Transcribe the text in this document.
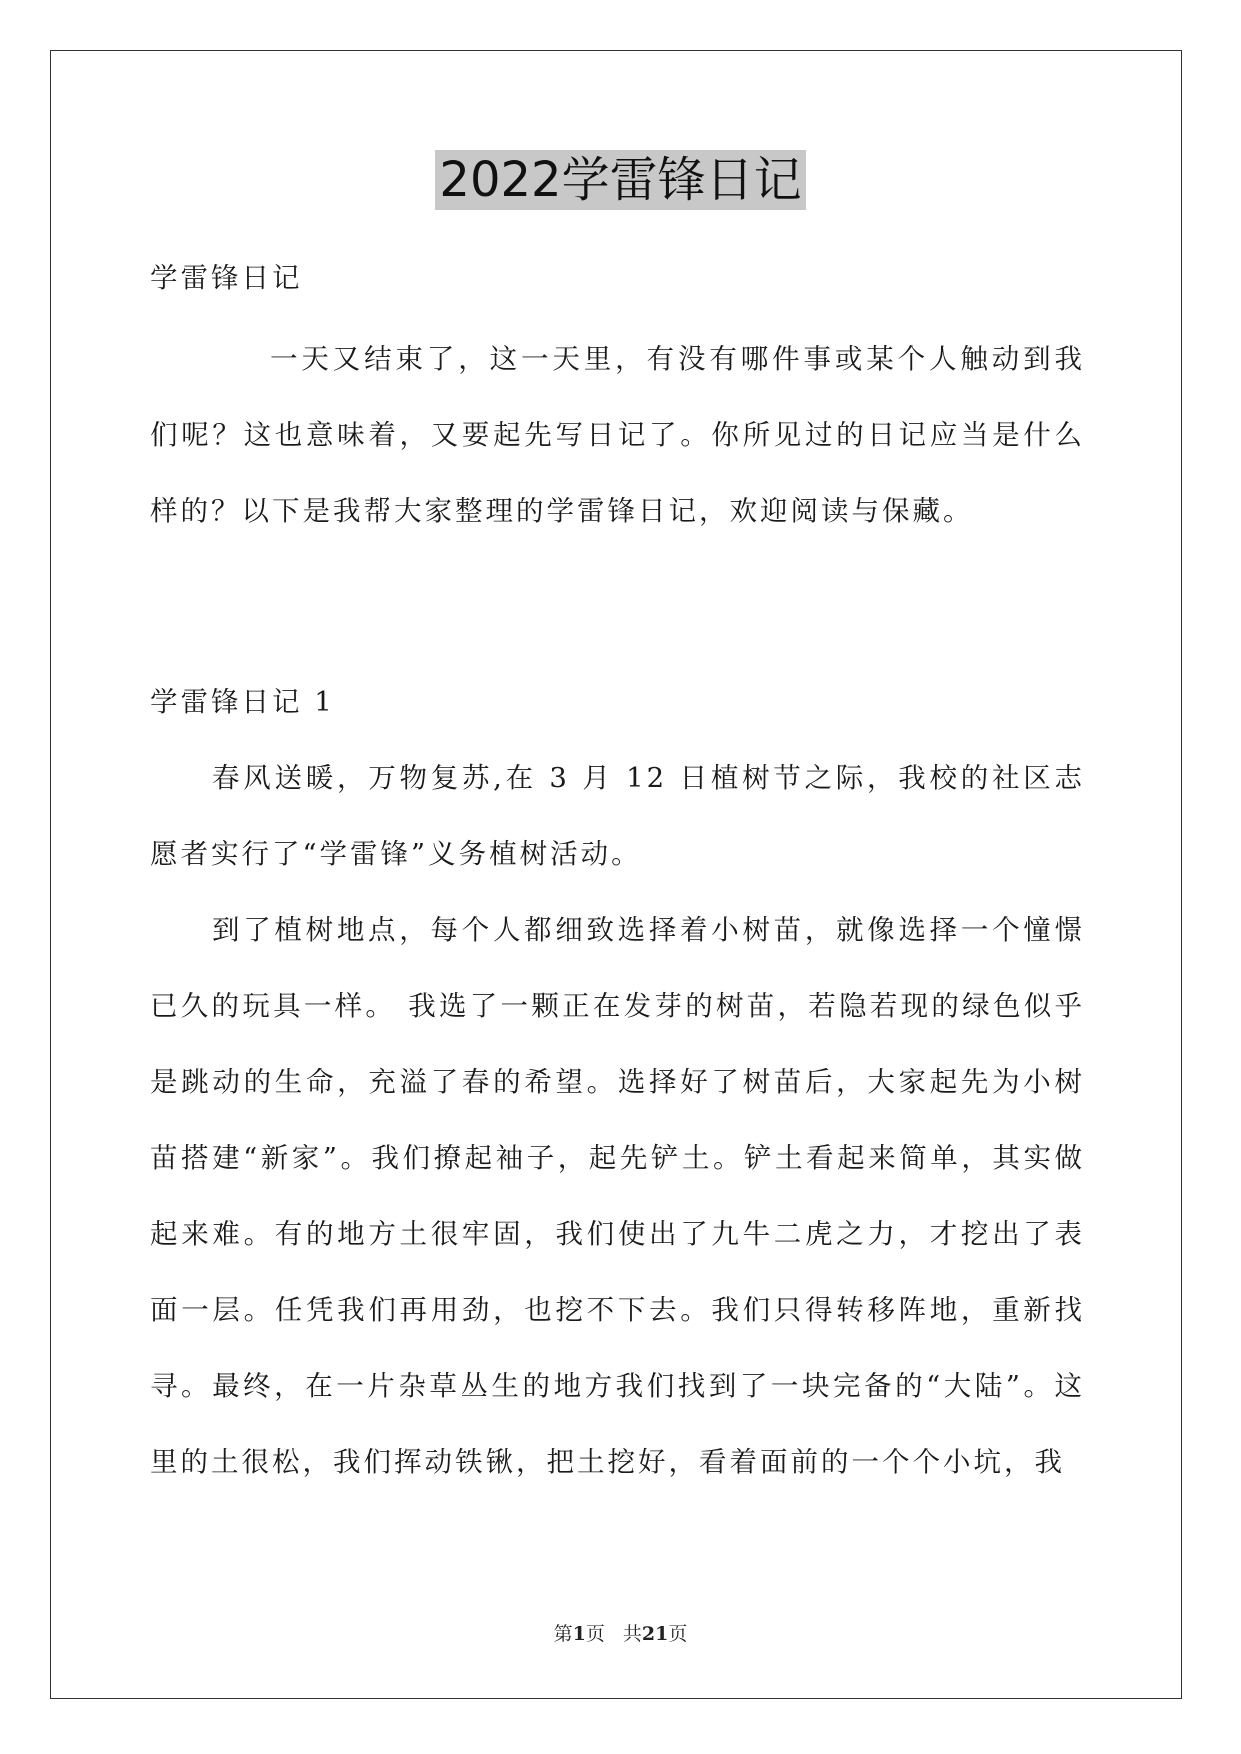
2022学雷锋日记

学雷锋日记

一天又结束了，这一天里，有没有哪件事或某个人触动到我们呢？这也意味着，又要起先写日记了。你所见过的日记应当是什么样的？以下是我帮大家整理的学雷锋日记，欢迎阅读与保藏。

学雷锋日记 1

春风送暖，万物复苏,在 3 月 12 日植树节之际，我校的社区志愿者实行了“学雷锋”义务植树活动。

到了植树地点，每个人都细致选择着小树苗，就像选择一个憧憬已久的玩具一样。 我选了一颗正在发芽的树苗，若隐若现的绿色似乎是跳动的生命，充溢了春的希望。选择好了树苗后，大家起先为小树苗搭建“新家”。我们撩起袖子，起先铲土。铲土看起来简单，其实做起来难。有的地方土很牢固，我们使出了九牛二虎之力，才挖出了表面一层。任凭我们再用劲，也挖不下去。我们只得转移阵地，重新找寻。最终，在一片杂草丛生的地方我们找到了一块完备的“大陆”。这里的土很松，我们挥动铁锹，把土挖好，看着面前的一个个小坑，我

第1页 共21页
